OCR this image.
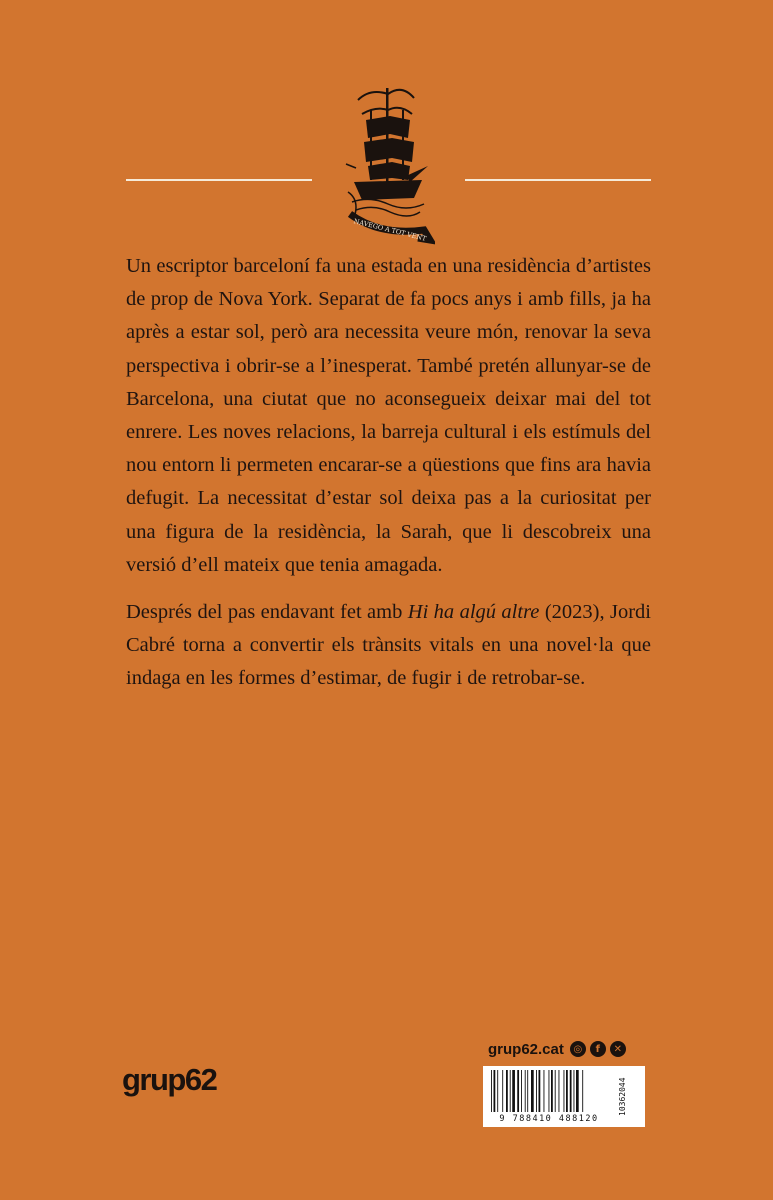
NAVEGO A TOT VENT

Un escriptor barceloní fa una estada en una residència d’artistes de prop de Nova York. Separat de fa pocs anys i amb fills, ja ha après a estar sol, però ara necessita veure món, renovar la seva perspectiva i obrir-se a l’inesperat. També pretén allunyar-se de Barcelona, una ciutat que no aconsegueix deixar mai del tot enrere. Les noves relacions, la barreja cultural i els estímuls del nou entorn li permeten encarar-se a qüestions que fins ara havia defugit. La necessitat d’estar sol deixa pas a la curiositat per una figura de la residència, la Sarah, que li descobreix una versió d’ell mateix que tenia amagada.

Després del pas endavant fet amb Hi ha algú altre (2023), Jordi Cabré torna a convertir els trànsits vitals en una novel·la que indaga en les formes d’estimar, de fugir i de retrobar-se.

grup62
grup62.cat ◎	f	✕
9 788410 488120
10362044
